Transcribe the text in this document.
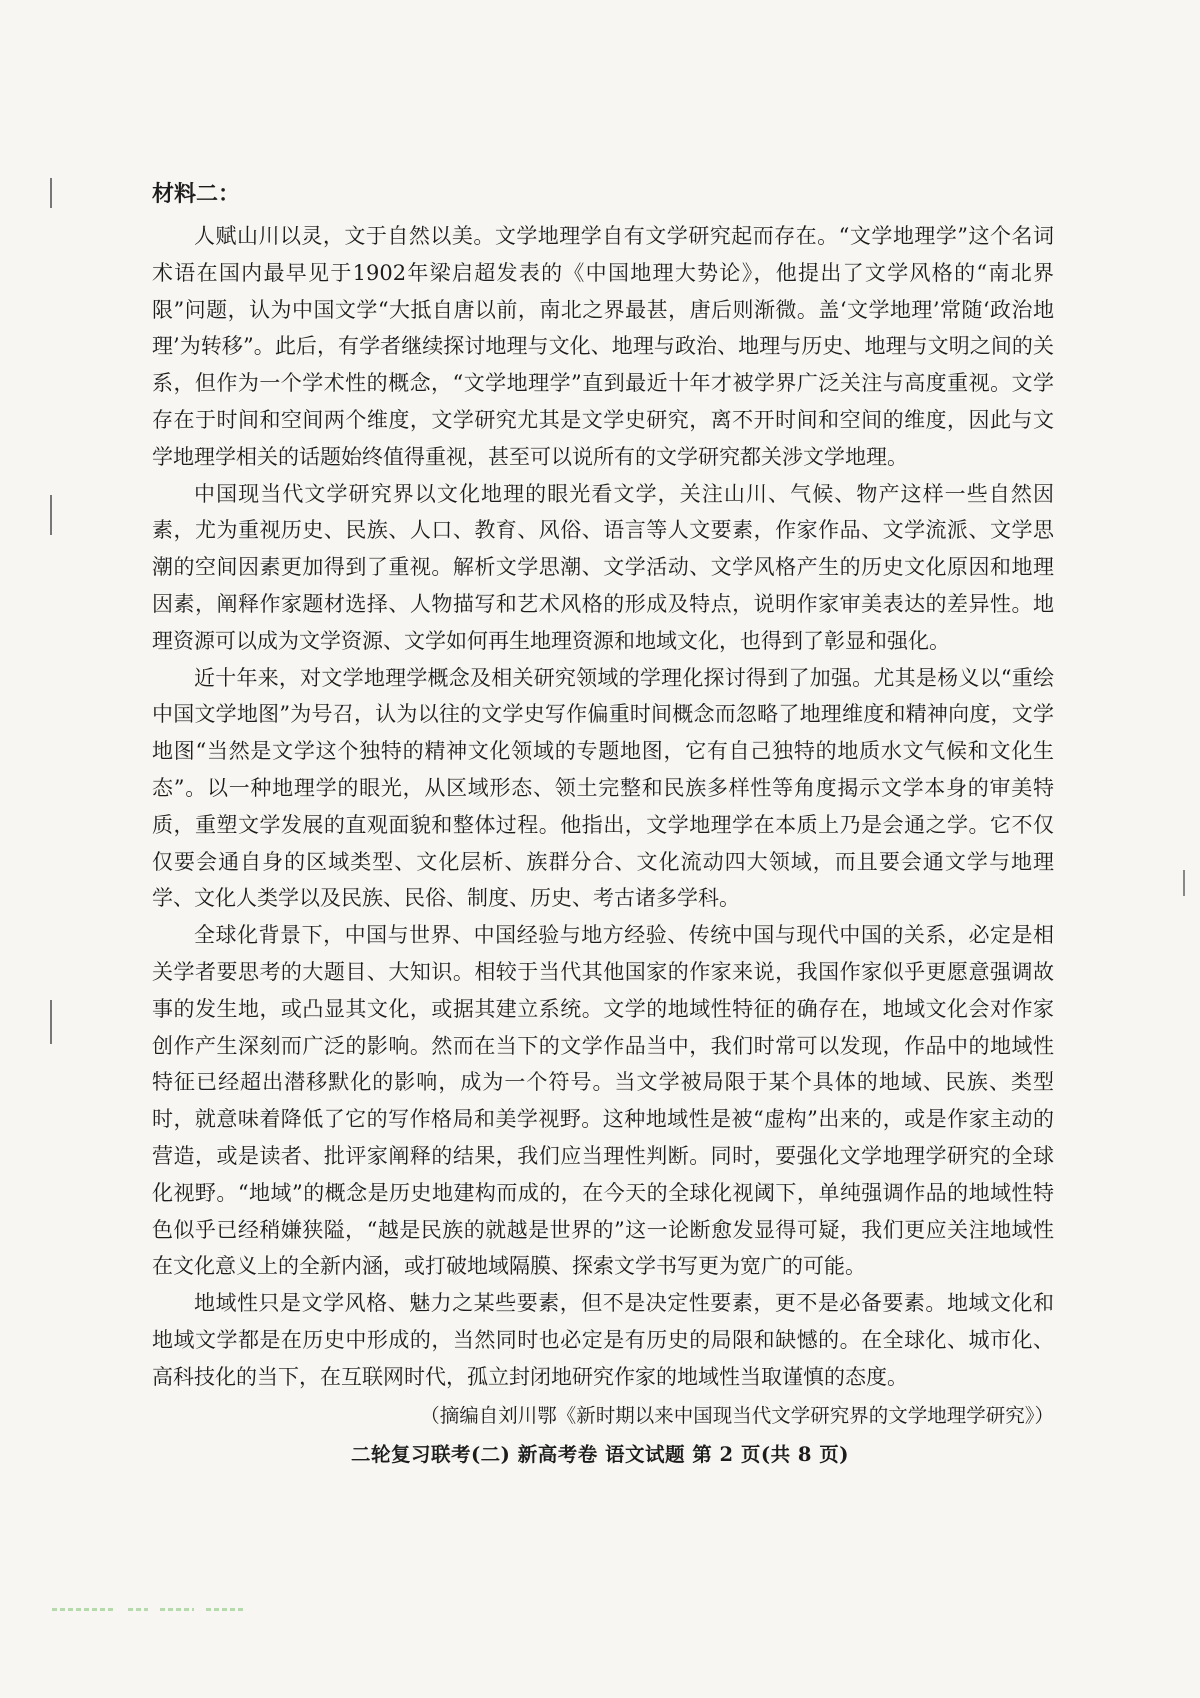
材料二：

人赋山川以灵，文于自然以美。文学地理学自有文学研究起而存在。“文学地理学”这个名词术语在国内最早见于1902年梁启超发表的《中国地理大势论》，他提出了文学风格的“南北界限”问题，认为中国文学“大抵自唐以前，南北之界最甚，唐后则渐微。盖‘文学地理’常随‘政治地理’为转移”。此后，有学者继续探讨地理与文化、地理与政治、地理与历史、地理与文明之间的关系，但作为一个学术性的概念，“文学地理学”直到最近十年才被学界广泛关注与高度重视。文学存在于时间和空间两个维度，文学研究尤其是文学史研究，离不开时间和空间的维度，因此与文学地理学相关的话题始终值得重视，甚至可以说所有的文学研究都关涉文学地理。

中国现当代文学研究界以文化地理的眼光看文学，关注山川、气候、物产这样一些自然因素，尤为重视历史、民族、人口、教育、风俗、语言等人文要素，作家作品、文学流派、文学思潮的空间因素更加得到了重视。解析文学思潮、文学活动、文学风格产生的历史文化原因和地理因素，阐释作家题材选择、人物描写和艺术风格的形成及特点，说明作家审美表达的差异性。地理资源可以成为文学资源、文学如何再生地理资源和地域文化，也得到了彰显和强化。

近十年来，对文学地理学概念及相关研究领域的学理化探讨得到了加强。尤其是杨义以“重绘中国文学地图”为号召，认为以往的文学史写作偏重时间概念而忽略了地理维度和精神向度，文学地图“当然是文学这个独特的精神文化领域的专题地图，它有自己独特的地质水文气候和文化生态”。以一种地理学的眼光，从区域形态、领土完整和民族多样性等角度揭示文学本身的审美特质，重塑文学发展的直观面貌和整体过程。他指出，文学地理学在本质上乃是会通之学。它不仅仅要会通自身的区域类型、文化层析、族群分合、文化流动四大领域，而且要会通文学与地理学、文化人类学以及民族、民俗、制度、历史、考古诸多学科。

全球化背景下，中国与世界、中国经验与地方经验、传统中国与现代中国的关系，必定是相关学者要思考的大题目、大知识。相较于当代其他国家的作家来说，我国作家似乎更愿意强调故事的发生地，或凸显其文化，或据其建立系统。文学的地域性特征的确存在，地域文化会对作家创作产生深刻而广泛的影响。然而在当下的文学作品当中，我们时常可以发现，作品中的地域性特征已经超出潜移默化的影响，成为一个符号。当文学被局限于某个具体的地域、民族、类型时，就意味着降低了它的写作格局和美学视野。这种地域性是被“虚构”出来的，或是作家主动的营造，或是读者、批评家阐释的结果，我们应当理性判断。同时，要强化文学地理学研究的全球化视野。“地域”的概念是历史地建构而成的，在今天的全球化视阈下，单纯强调作品的地域性特色似乎已经稍嫌狭隘，“越是民族的就越是世界的”这一论断愈发显得可疑，我们更应关注地域性在文化意义上的全新内涵，或打破地域隔膜、探索文学书写更为宽广的可能。

地域性只是文学风格、魅力之某些要素，但不是决定性要素，更不是必备要素。地域文化和地域文学都是在历史中形成的，当然同时也必定是有历史的局限和缺憾的。在全球化、城市化、高科技化的当下，在互联网时代，孤立封闭地研究作家的地域性当取谨慎的态度。

（摘编自刘川鄂《新时期以来中国现当代文学研究界的文学地理学研究》）

二轮复习联考(二) 新高考卷 语文试题 第 2 页(共 8 页)
